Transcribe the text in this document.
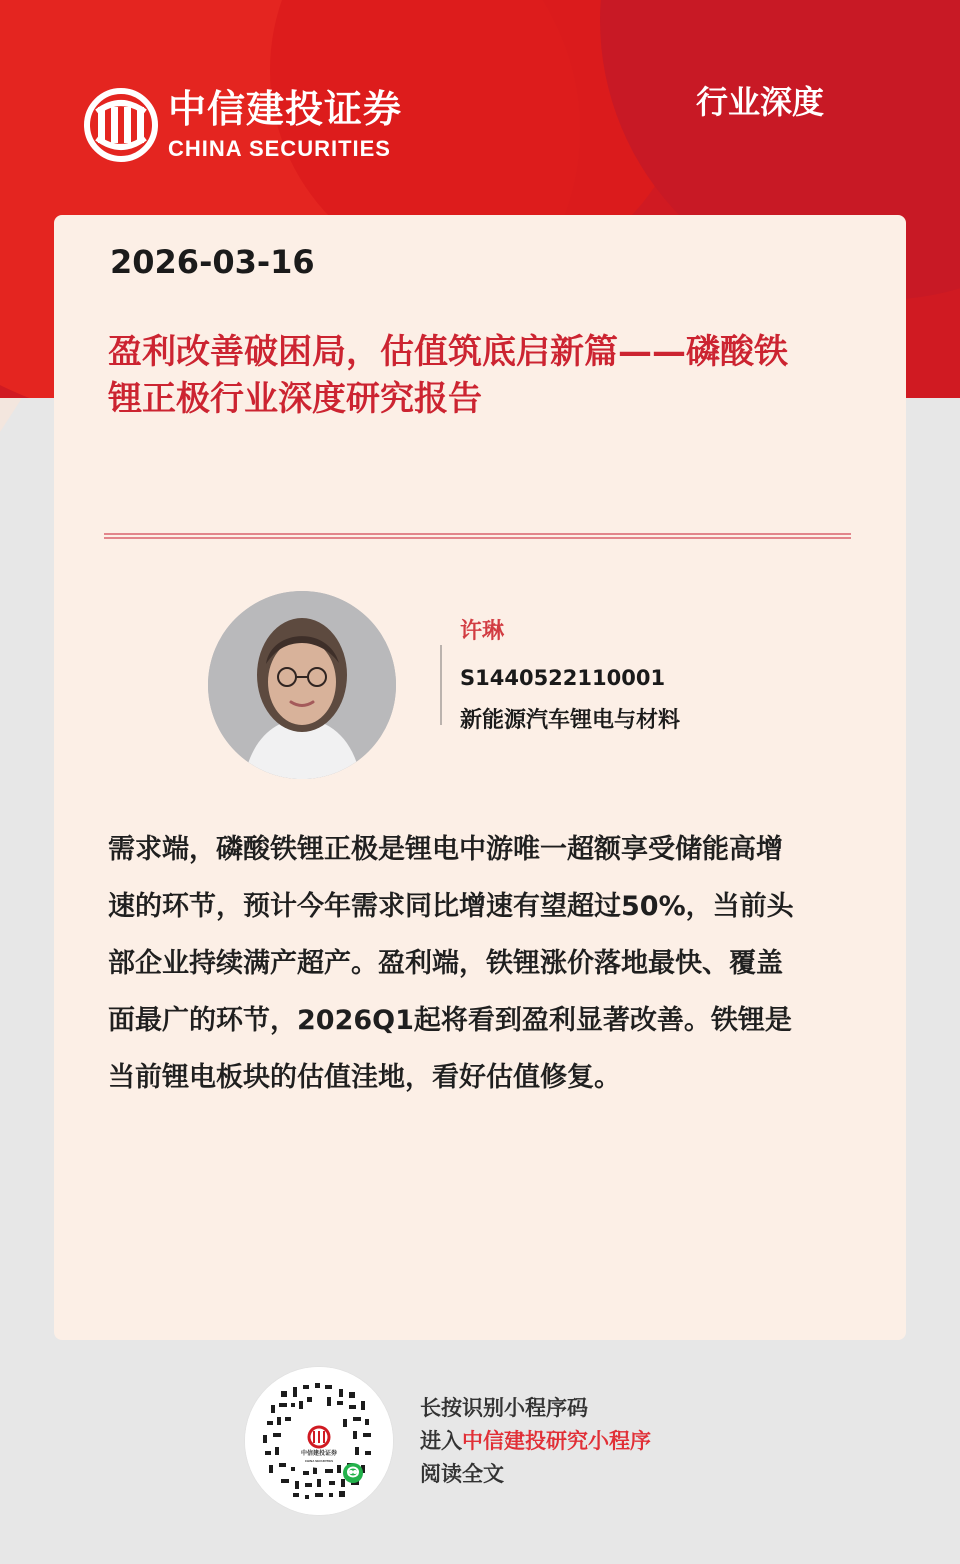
中信建投证券
CHINA SECURITIES
行业深度
2026-03-16
盈利改善破困局，估值筑底启新篇——磷酸铁
锂正极行业深度研究报告
许琳
S1440522110001
新能源汽车锂电与材料
需求端，磷酸铁锂正极是锂电中游唯一超额享受储能高增
速的环节，预计今年需求同比增速有望超过50%，当前头
部企业持续满产超产。盈利端，铁锂涨价落地最快、覆盖
面最广的环节，2026Q1起将看到盈利显著改善。铁锂是
当前锂电板块的估值洼地，看好估值修复。
中信建投证券
CHINA SECURITIES
长按识别小程序码
进入中信建投研究小程序
阅读全文
